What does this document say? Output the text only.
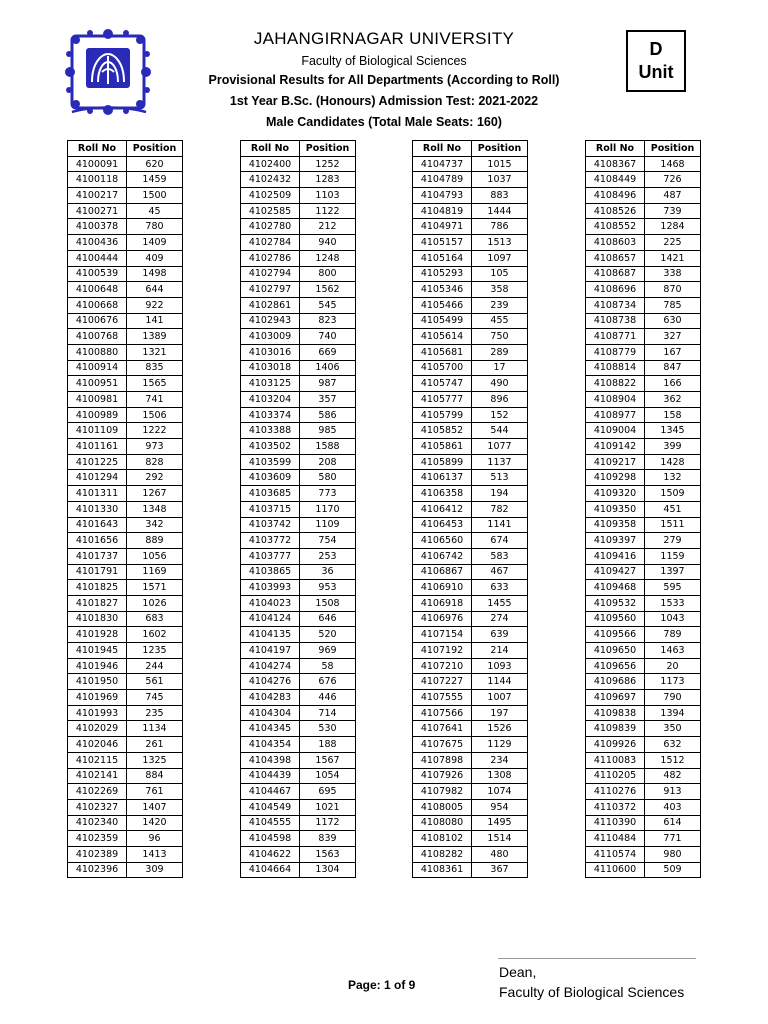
JAHANGIRNAGAR UNIVERSITY
Faculty of Biological Sciences
Provisional Results for All Departments (According to Roll)
1st Year B.Sc. (Honours) Admission Test: 2021-2022
Male Candidates (Total Male Seats: 160)
D
Unit
Roll No	Position
4100091	620
4100118	1459
4100217	1500
4100271	45
4100378	780
4100436	1409
4100444	409
4100539	1498
4100648	644
4100668	922
4100676	141
4100768	1389
4100880	1321
4100914	835
4100951	1565
4100981	741
4100989	1506
4101109	1222
4101161	973
4101225	828
4101294	292
4101311	1267
4101330	1348
4101643	342
4101656	889
4101737	1056
4101791	1169
4101825	1571
4101827	1026
4101830	683
4101928	1602
4101945	1235
4101946	244
4101950	561
4101969	745
4101993	235
4102029	1134
4102046	261
4102115	1325
4102141	884
4102269	761
4102327	1407
4102340	1420
4102359	96
4102389	1413
4102396	309
Roll No	Position
4102400	1252
4102432	1283
4102509	1103
4102585	1122
4102780	212
4102784	940
4102786	1248
4102794	800
4102797	1562
4102861	545
4102943	823
4103009	740
4103016	669
4103018	1406
4103125	987
4103204	357
4103374	586
4103388	985
4103502	1588
4103599	208
4103609	580
4103685	773
4103715	1170
4103742	1109
4103772	754
4103777	253
4103865	36
4103993	953
4104023	1508
4104124	646
4104135	520
4104197	969
4104274	58
4104276	676
4104283	446
4104304	714
4104345	530
4104354	188
4104398	1567
4104439	1054
4104467	695
4104549	1021
4104555	1172
4104598	839
4104622	1563
4104664	1304
Roll No	Position
4104737	1015
4104789	1037
4104793	883
4104819	1444
4104971	786
4105157	1513
4105164	1097
4105293	105
4105346	358
4105466	239
4105499	455
4105614	750
4105681	289
4105700	17
4105747	490
4105777	896
4105799	152
4105852	544
4105861	1077
4105899	1137
4106137	513
4106358	194
4106412	782
4106453	1141
4106560	674
4106742	583
4106867	467
4106910	633
4106918	1455
4106976	274
4107154	639
4107192	214
4107210	1093
4107227	1144
4107555	1007
4107566	197
4107641	1526
4107675	1129
4107898	234
4107926	1308
4107982	1074
4108005	954
4108080	1495
4108102	1514
4108282	480
4108361	367
Roll No	Position
4108367	1468
4108449	726
4108496	487
4108526	739
4108552	1284
4108603	225
4108657	1421
4108687	338
4108696	870
4108734	785
4108738	630
4108771	327
4108779	167
4108814	847
4108822	166
4108904	362
4108977	158
4109004	1345
4109142	399
4109217	1428
4109298	132
4109320	1509
4109350	451
4109358	1511
4109397	279
4109416	1159
4109427	1397
4109468	595
4109532	1533
4109560	1043
4109566	789
4109650	1463
4109656	20
4109686	1173
4109697	790
4109838	1394
4109839	350
4109926	632
4110083	1512
4110205	482
4110276	913
4110372	403
4110390	614
4110484	771
4110574	980
4110600	509
Page: 1 of 9
Dean,
Faculty of Biological Sciences
